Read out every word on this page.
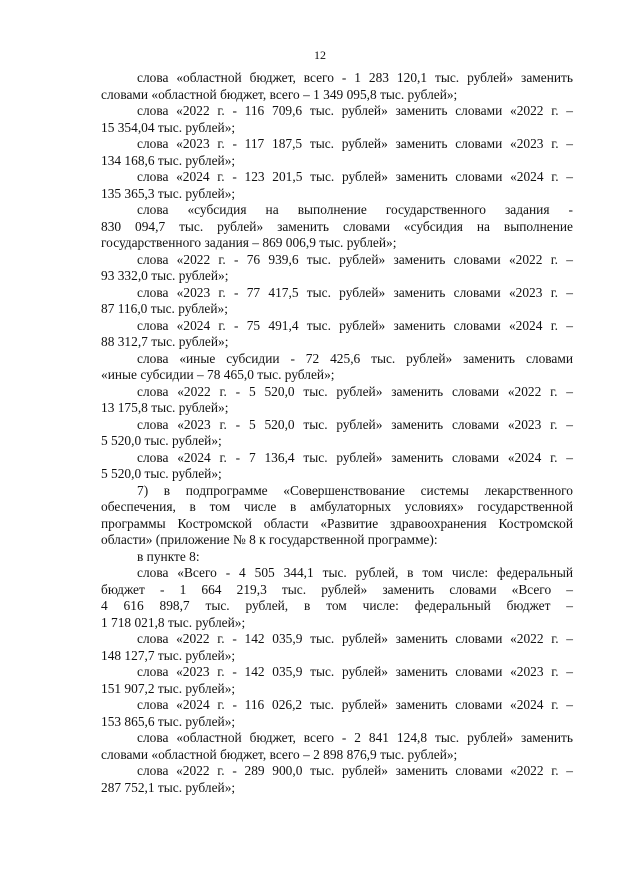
12
слова «областной бюджет, всего - 1 283 120,1 тыс. рублей» заменить
словами «областной бюджет, всего – 1 349 095,8 тыс. рублей»;
слова «2022 г. - 116 709,6 тыс. рублей» заменить словами «2022 г. –
15 354,04 тыс. рублей»;
слова «2023 г. - 117 187,5 тыс. рублей» заменить словами «2023 г. –
134 168,6 тыс. рублей»;
слова «2024 г. - 123 201,5 тыс. рублей» заменить словами «2024 г. –
135 365,3 тыс. рублей»;
слова «субсидия на выполнение государственного задания -
830 094,7 тыс. рублей» заменить словами «субсидия на выполнение
государственного задания – 869 006,9 тыс. рублей»;
слова «2022 г. - 76 939,6 тыс. рублей» заменить словами «2022 г. –
93 332,0 тыс. рублей»;
слова «2023 г. - 77 417,5 тыс. рублей» заменить словами «2023 г. –
87 116,0 тыс. рублей»;
слова «2024 г. - 75 491,4 тыс. рублей» заменить словами «2024 г. –
88 312,7 тыс. рублей»;
слова «иные субсидии - 72 425,6 тыс. рублей» заменить словами
«иные субсидии – 78 465,0 тыс. рублей»;
слова «2022 г. - 5 520,0 тыс. рублей» заменить словами «2022 г. –
13 175,8 тыс. рублей»;
слова «2023 г. - 5 520,0 тыс. рублей» заменить словами «2023 г. –
5 520,0 тыс. рублей»;
слова «2024 г. - 7 136,4 тыс. рублей» заменить словами «2024 г. –
5 520,0 тыс. рублей»;
7) в подпрограмме «Совершенствование системы лекарственного
обеспечения, в том числе в амбулаторных условиях» государственной
программы Костромской области «Развитие здравоохранения Костромской
области» (приложение № 8 к государственной программе):
в пункте 8:
слова «Всего - 4 505 344,1 тыс. рублей, в том числе: федеральный
бюджет - 1 664 219,3 тыс. рублей» заменить словами «Всего –
4 616 898,7 тыс. рублей, в том числе: федеральный бюджет –
1 718 021,8 тыс. рублей»;
слова «2022 г. - 142 035,9 тыс. рублей» заменить словами «2022 г. –
148 127,7 тыс. рублей»;
слова «2023 г. - 142 035,9 тыс. рублей» заменить словами «2023 г. –
151 907,2 тыс. рублей»;
слова «2024 г. - 116 026,2 тыс. рублей» заменить словами «2024 г. –
153 865,6 тыс. рублей»;
слова «областной бюджет, всего - 2 841 124,8 тыс. рублей» заменить
словами «областной бюджет, всего – 2 898 876,9 тыс. рублей»;
слова «2022 г. - 289 900,0 тыс. рублей» заменить словами «2022 г. –
287 752,1 тыс. рублей»;
